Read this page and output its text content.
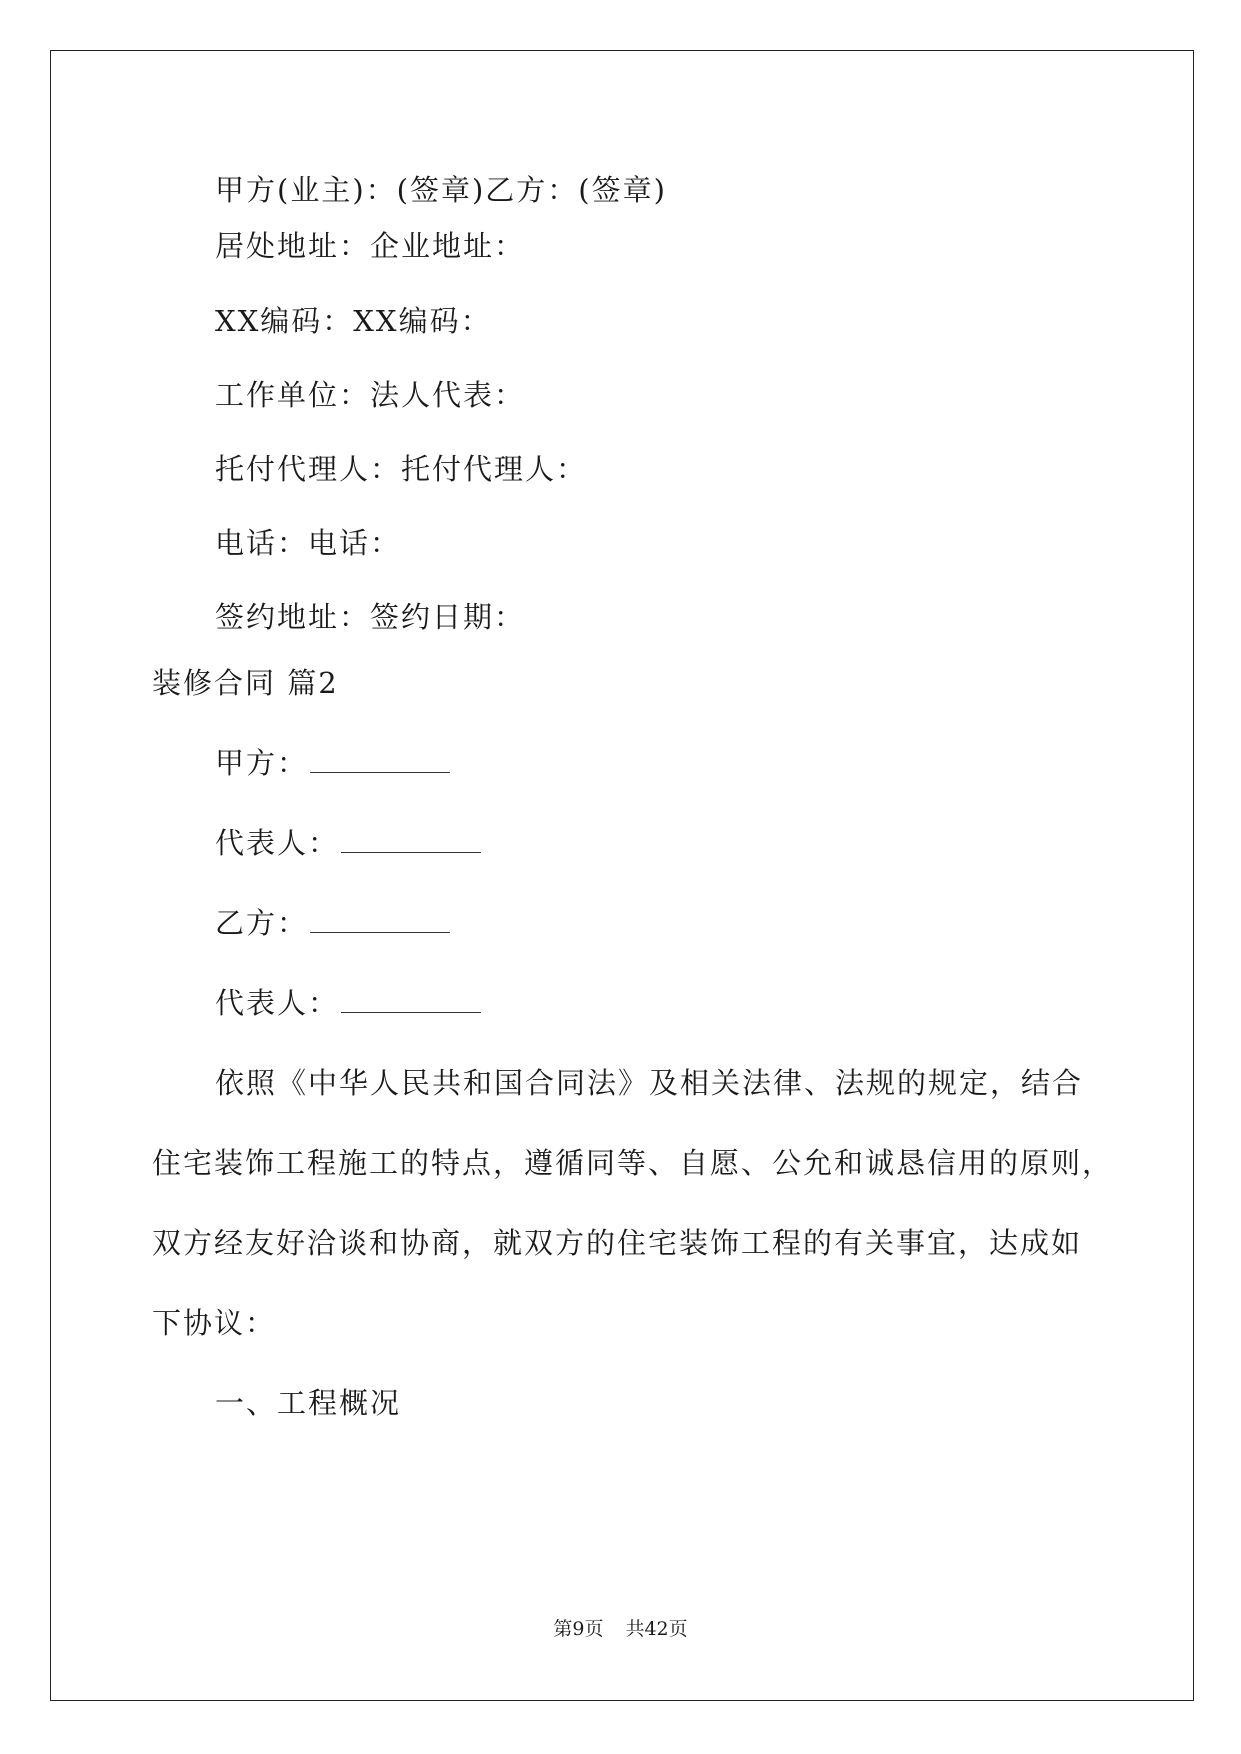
甲方(业主)：(签章)乙方：(签章)
居处地址：企业地址：
XX编码：XX编码：
工作单位：法人代表：
托付代理人：托付代理人：
电话：电话：
签约地址：签约日期：
装修合同 篇2
甲方：
代表人：
乙方：
代表人：
依照《中华人民共和国合同法》及相关法律、法规的规定，结合
住宅装饰工程施工的特点，遵循同等、自愿、公允和诚恳信用的原则，
双方经友好洽谈和协商，就双方的住宅装饰工程的有关事宜，达成如
下协议：
一、工程概况
第9页 共42页
